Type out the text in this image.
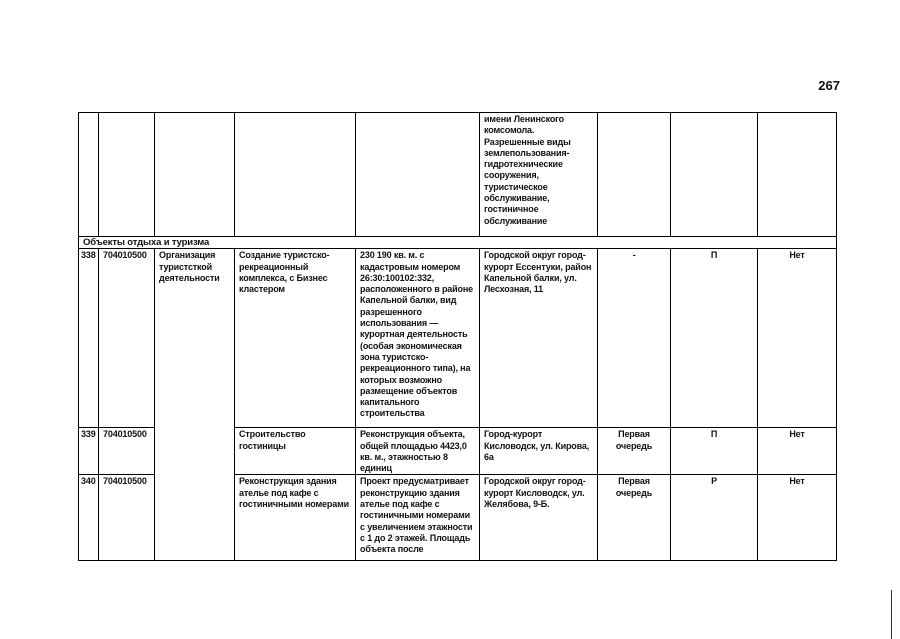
267
					имени Ленинского комсомола. Разрешенные виды землепользования-гидротехнические сооружения, туристическое обслуживание, гостиничное обслуживание			
Объекты отдыха и туризма								
338	704010500	Организация туристсткой деятельности	Создание туристско-рекреационный комплекса, с Бизнес кластером	230 190 кв. м. с кадастровым номером 26:30:100102:332, расположенного в районе Капельной балки, вид разрешенного использования — курортная деятельность (особая экономическая зона туристско-рекреационного типа), на которых возможно размещение объектов капитального строительства	Городской округ город-курорт Ессентуки, район Капельной балки, ул. Лесхозная, 11	-	П	Нет
339	704010500		Строительство гостиницы	Реконструкция объекта, общей площадью 4423,0 кв. м., этажностью 8 единиц	Город-курорт Кисловодск, ул. Кирова, 6а	Первая очередь	П	Нет
340	704010500		Реконструкция здания ателье под кафе с гостиничными номерами	Проект предусматривает реконструкцию здания ателье под кафе с гостиничными номерами с увеличением этажности с 1 до 2 этажей. Площадь объекта после	Городской округ город-курорт Кисловодск, ул. Желябова, 9-Б.	Первая очередь	Р	Нет
